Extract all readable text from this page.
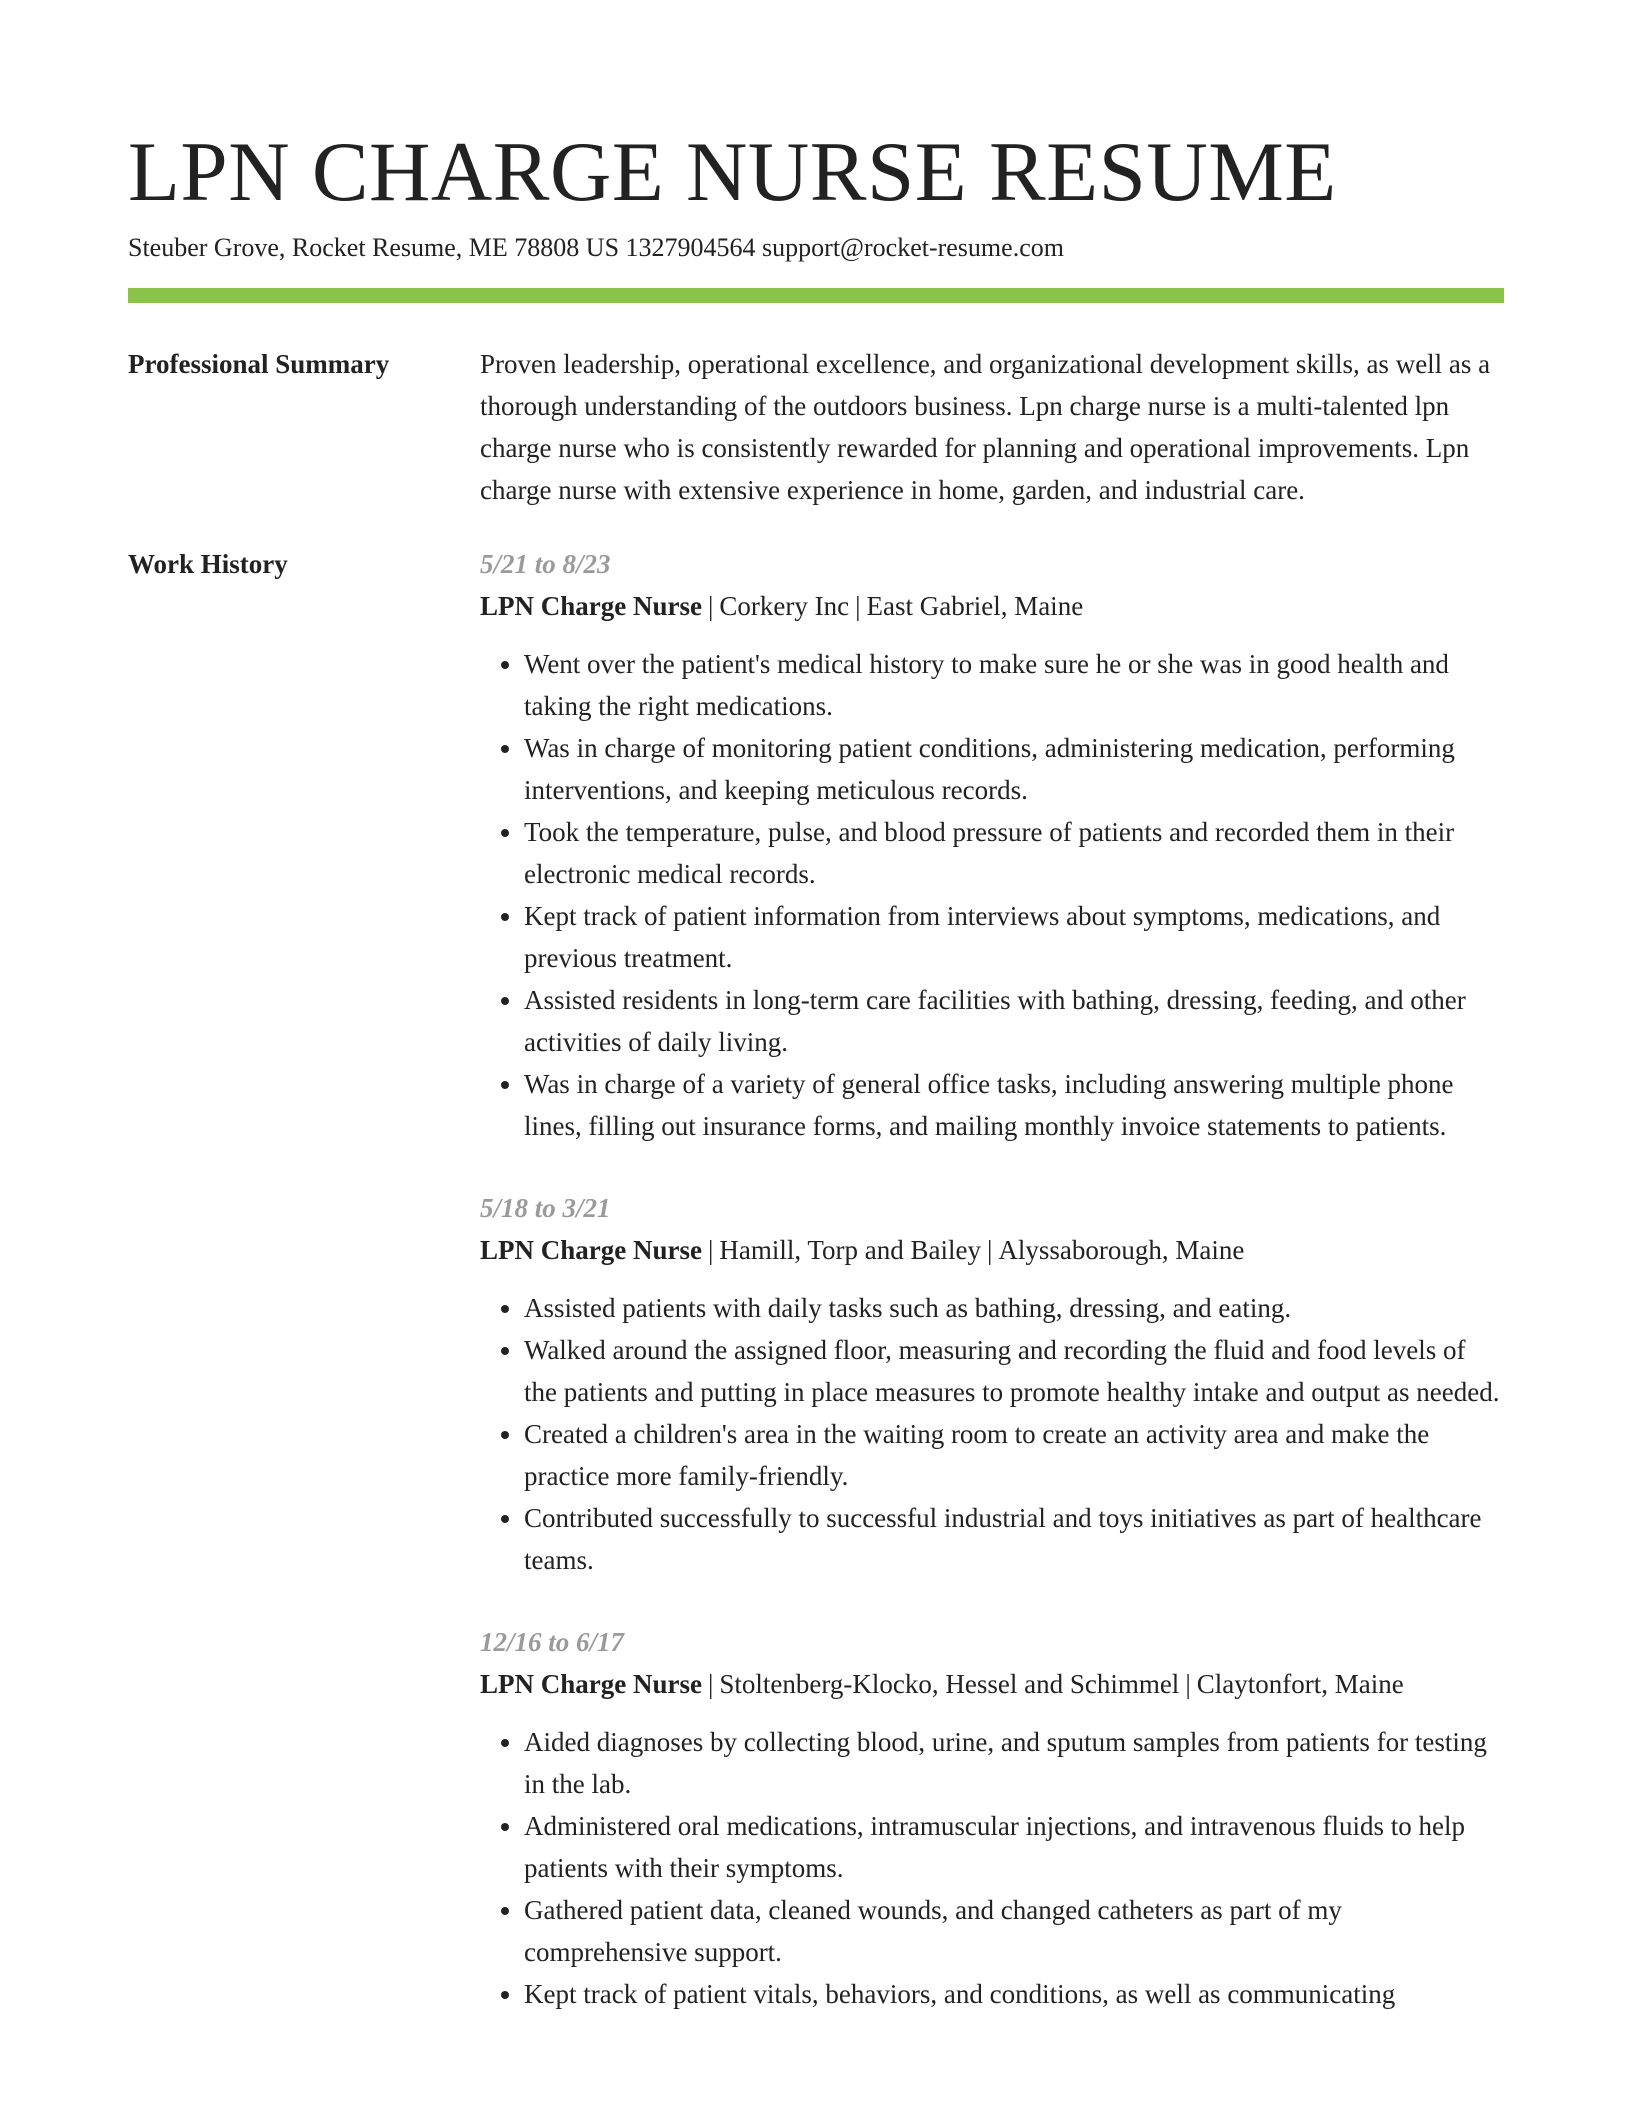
LPN CHARGE NURSE RESUME
Steuber Grove, Rocket Resume, ME 78808 US 1327904564 support@rocket-resume.com
Professional Summary	Proven leadership, operational excellence, and organizational development skills, as well as a thorough understanding of the outdoors business. Lpn charge nurse is a multi-talented lpn charge nurse who is consistently rewarded for planning and operational improvements. Lpn charge nurse with extensive experience in home, garden, and industrial care.

Work History	5/21 to 8/23
LPN Charge Nurse | Corkery Inc | East Gabriel, Maine
• Went over the patient's medical history to make sure he or she was in good health and taking the right medications.
• Was in charge of monitoring patient conditions, administering medication, performing interventions, and keeping meticulous records.
• Took the temperature, pulse, and blood pressure of patients and recorded them in their electronic medical records.
• Kept track of patient information from interviews about symptoms, medications, and previous treatment.
• Assisted residents in long-term care facilities with bathing, dressing, feeding, and other activities of daily living.
• Was in charge of a variety of general office tasks, including answering multiple phone lines, filling out insurance forms, and mailing monthly invoice statements to patients.
5/18 to 3/21
LPN Charge Nurse | Hamill, Torp and Bailey | Alyssaborough, Maine
• Assisted patients with daily tasks such as bathing, dressing, and eating.
• Walked around the assigned floor, measuring and recording the fluid and food levels of the patients and putting in place measures to promote healthy intake and output as needed.
• Created a children's area in the waiting room to create an activity area and make the practice more family-friendly.
• Contributed successfully to successful industrial and toys initiatives as part of healthcare teams.
12/16 to 6/17
LPN Charge Nurse | Stoltenberg-Klocko, Hessel and Schimmel | Claytonfort, Maine
• Aided diagnoses by collecting blood, urine, and sputum samples from patients for testing in the lab.
• Administered oral medications, intramuscular injections, and intravenous fluids to help patients with their symptoms.
• Gathered patient data, cleaned wounds, and changed catheters as part of my comprehensive support.
• Kept track of patient vitals, behaviors, and conditions, as well as communicating
